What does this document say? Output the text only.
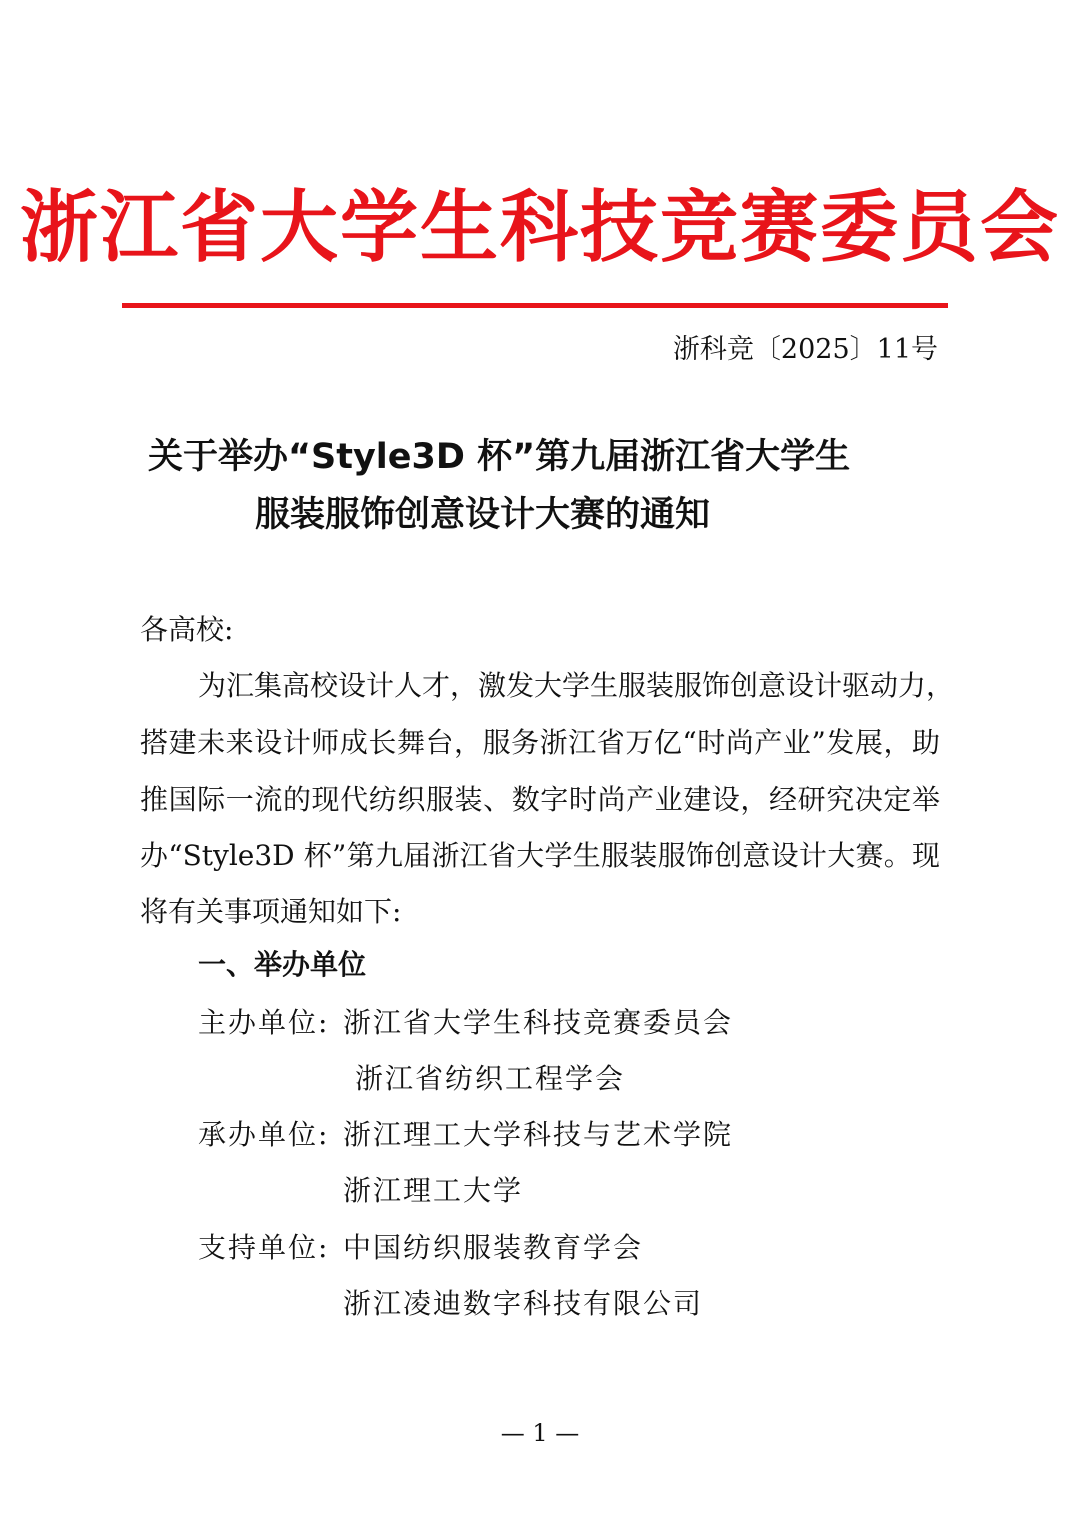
浙江省大学生科技竞赛委员会
浙科竞〔2025〕11号
关于举办“Style3D 杯”第九届浙江省大学生
服装服饰创意设计大赛的通知
各高校:
为汇集高校设计人才，激发大学生服装服饰创意设计驱动力，
搭建未来设计师成长舞台，服务浙江省万亿“时尚产业”发展，助
推国际一流的现代纺织服装、数字时尚产业建设，经研究决定举
办“Style3D 杯”第九届浙江省大学生服装服饰创意设计大赛。现
将有关事项通知如下:
一、举办单位
主办单位: 浙江省大学生科技竞赛委员会
浙江省纺织工程学会
承办单位: 浙江理工大学科技与艺术学院
浙江理工大学
支持单位: 中国纺织服装教育学会
浙江凌迪数字科技有限公司
— 1 —
